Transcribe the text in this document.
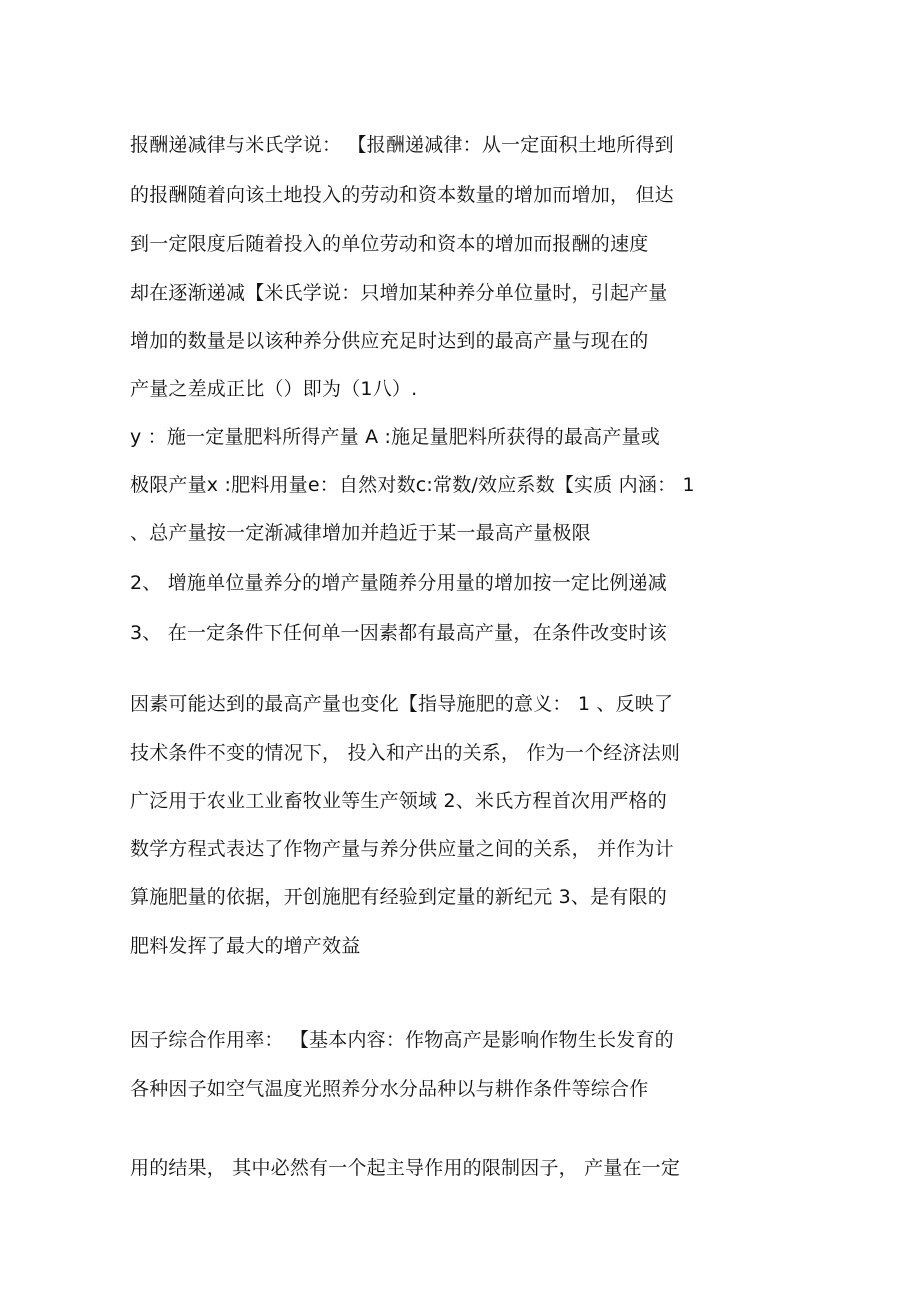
报酬递减律与米氏学说： 【报酬递减律：从一定面积土地所得到

的报酬随着向该土地投入的劳动和资本数量的增加而增加， 但达

到一定限度后随着投入的单位劳动和资本的增加而报酬的速度

却在逐渐递减【米氏学说：只增加某种养分单位量时，引起产量

增加的数量是以该种养分供应充足时达到的最高产量与现在的

产量之差成正比（）即为（1八）.

y ：施一定量肥料所得产量 A :施足量肥料所获得的最高产量或

极限产量x :肥料用量e：自然对数c:常数/效应系数【实质 内涵： 1

、总产量按一定渐减律增加并趋近于某一最高产量极限

2、 增施单位量养分的增产量随养分用量的增加按一定比例递减

3、 在一定条件下任何单一因素都有最高产量，在条件改变时该

因素可能达到的最高产量也变化【指导施肥的意义： 1 、反映了

技术条件不变的情况下， 投入和产出的关系， 作为一个经济法则

广泛用于农业工业畜牧业等生产领域 2、米氏方程首次用严格的

数学方程式表达了作物产量与养分供应量之间的关系， 并作为计

算施肥量的依据，开创施肥有经验到定量的新纪元 3、是有限的

肥料发挥了最大的增产效益

因子综合作用率： 【基本内容：作物高产是影响作物生长发育的

各种因子如空气温度光照养分水分品种以与耕作条件等综合作

用的结果， 其中必然有一个起主导作用的限制因子， 产量在一定
